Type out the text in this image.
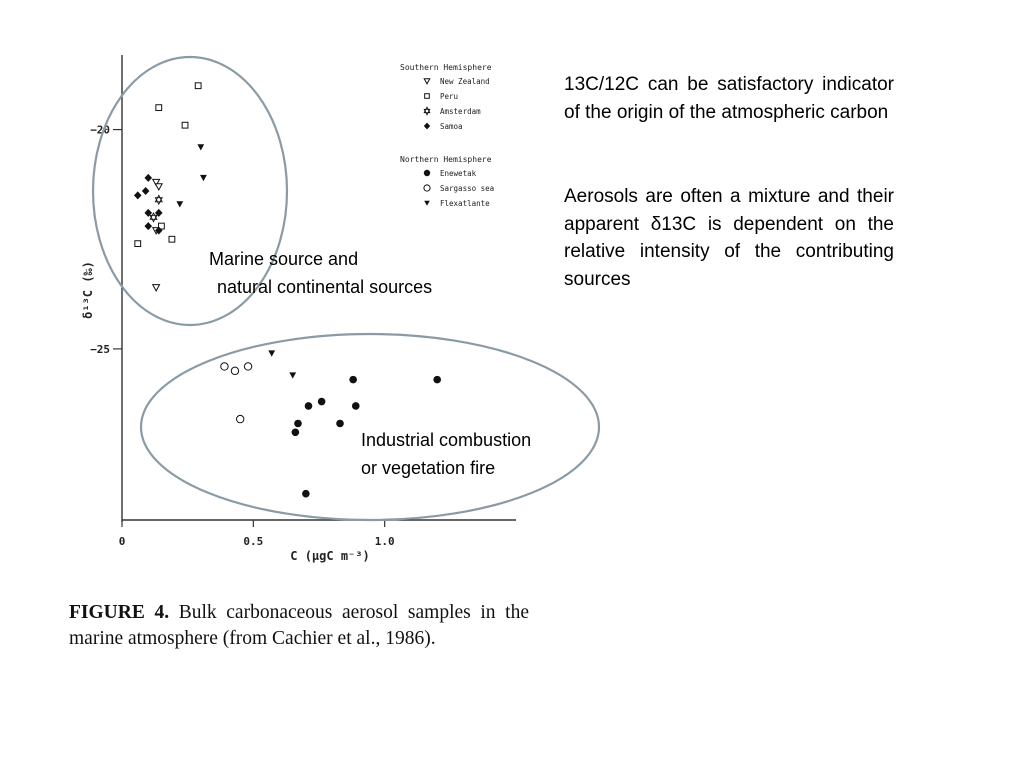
0	0.5	1.0
−20
−25
δ¹³C (‰)
C (μgC m⁻³)
Southern Hemisphere
New Zealand
Peru
Amsterdam
Samoa
Northern Hemisphere
Enewetak
Sargasso sea
Flexatlante
Marine source and
natural continental sources
Industrial combustion
or vegetation fire

13C/12C can be satisfactory indicator of the origin of the atmospheric carbon

Aerosols are often a mixture and their apparent δ13C is dependent on the relative intensity of the contributing sources

FIGURE 4. Bulk carbonaceous aerosol samples in the marine atmosphere (from Cachier et al., 1986).
